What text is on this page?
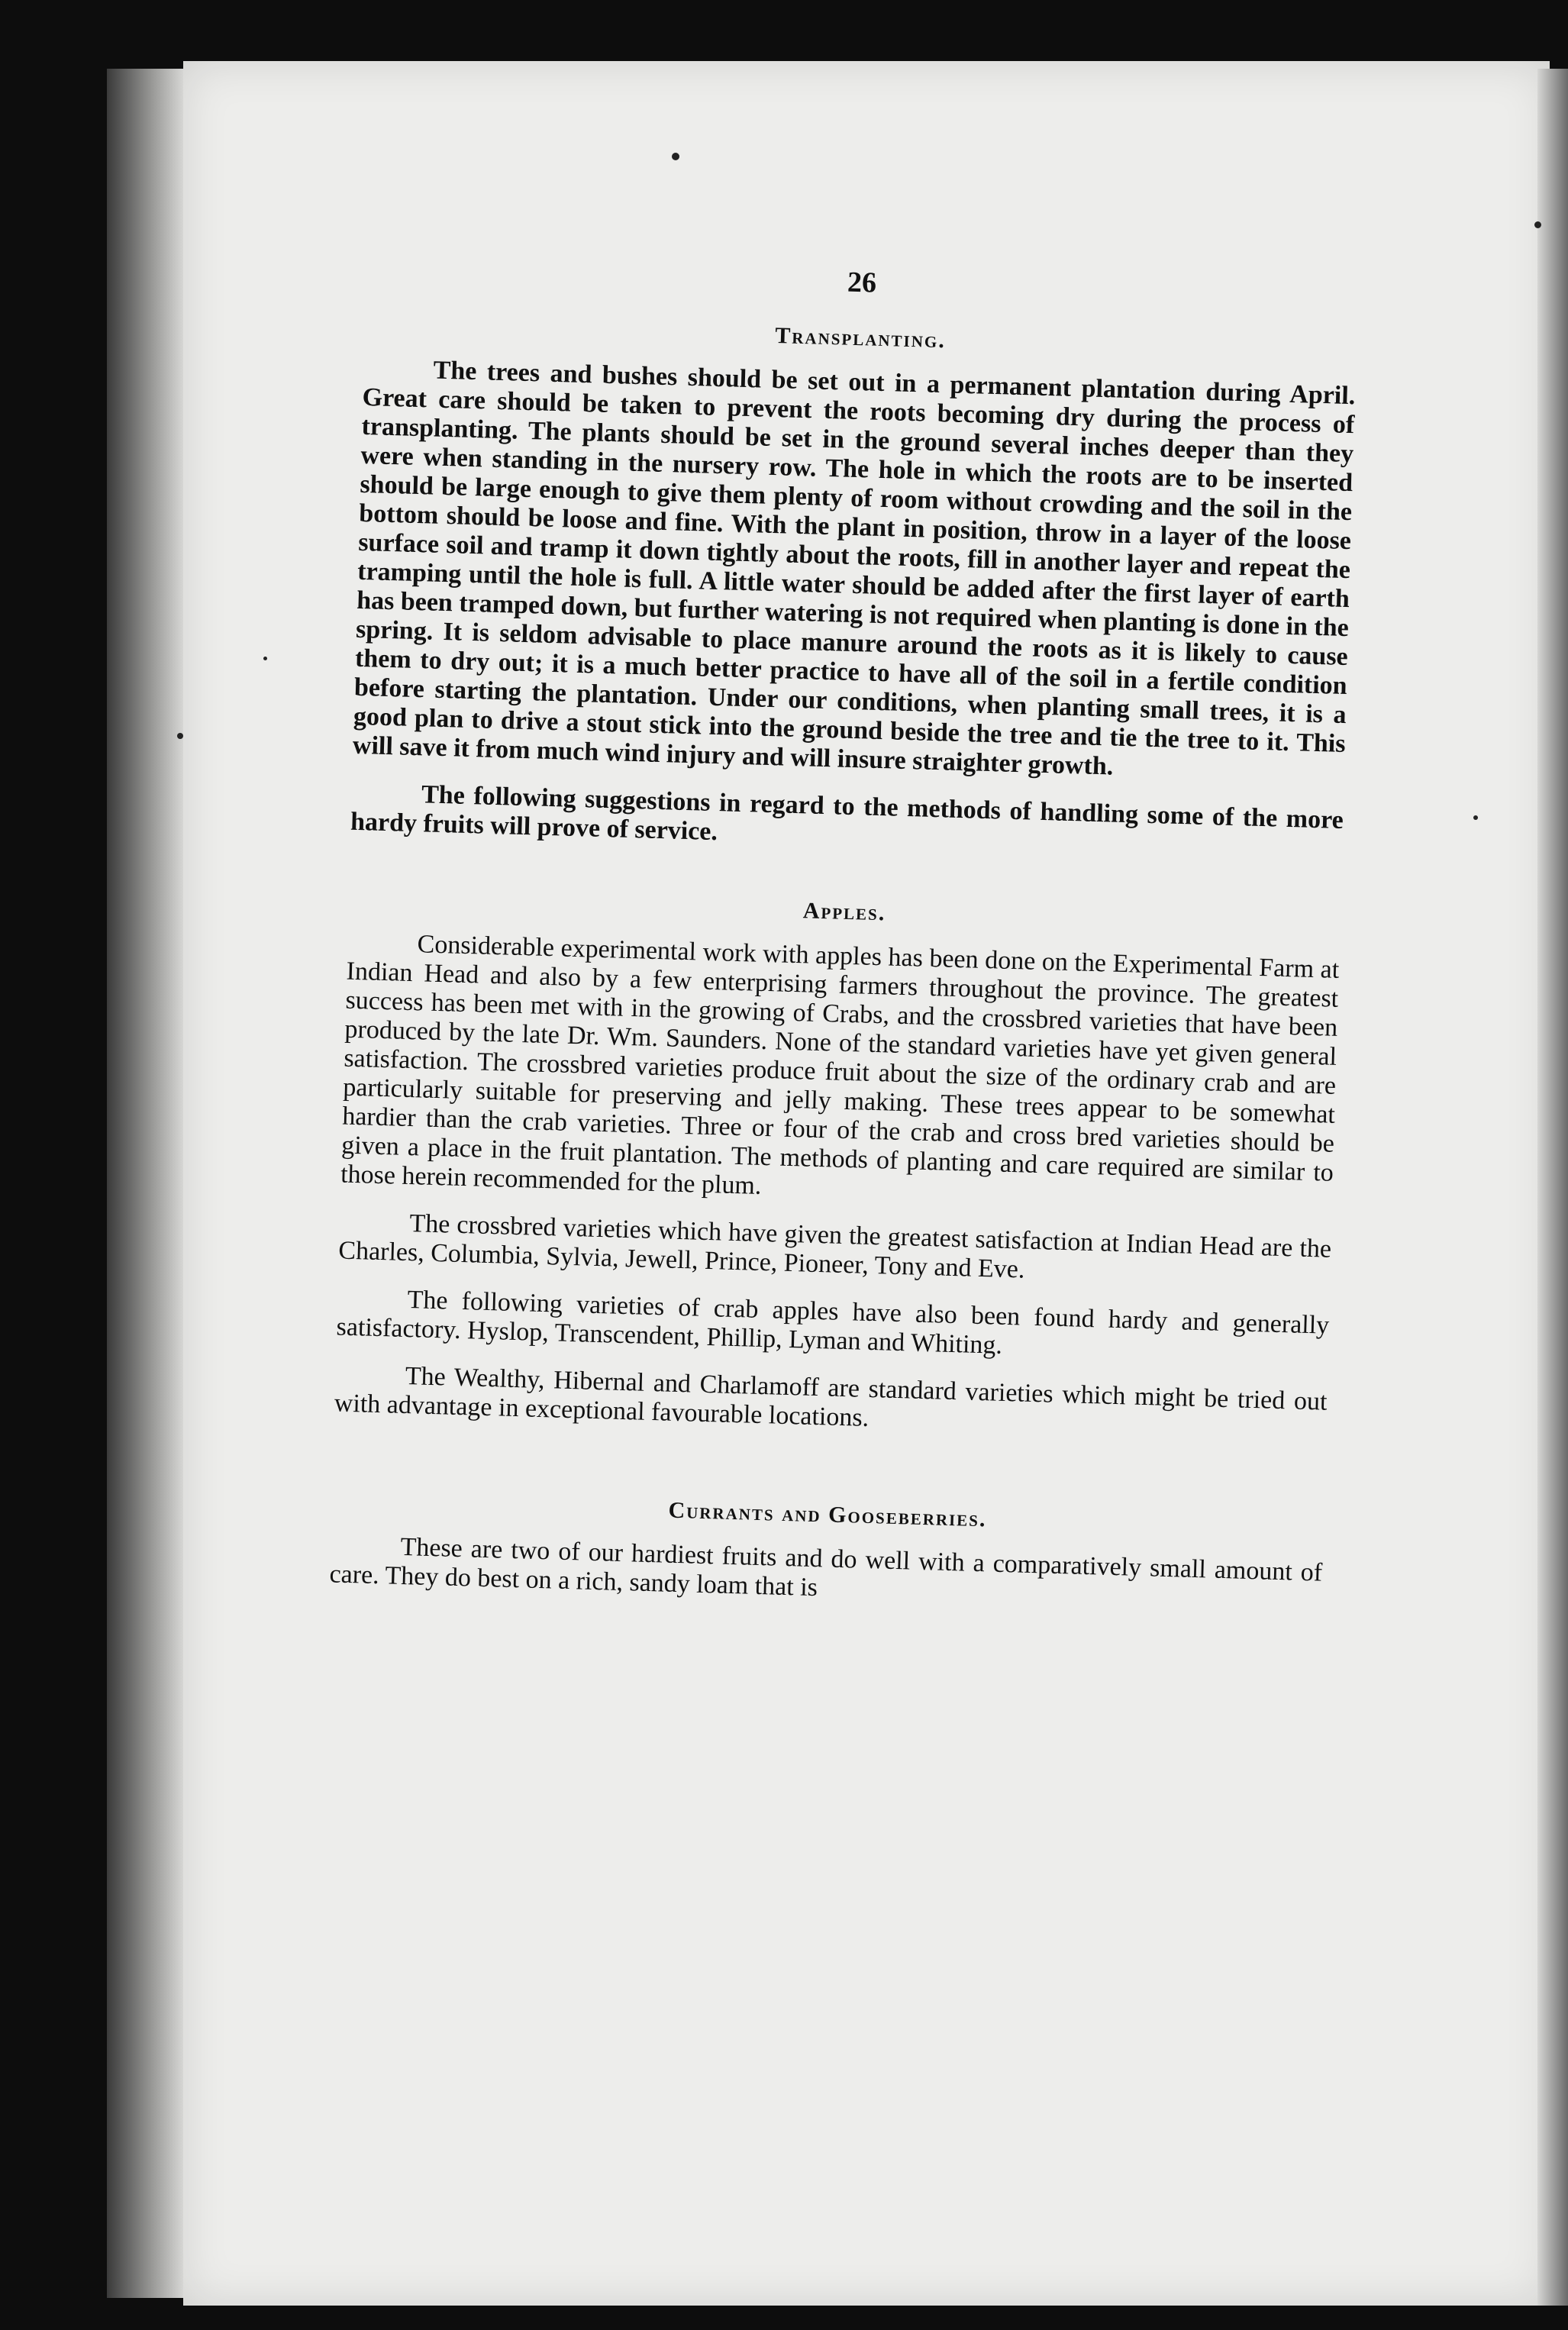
26
Transplanting.

The trees and bushes should be set out in a permanent plantation during April. Great care should be taken to prevent the roots becoming dry during the process of transplanting. The plants should be set in the ground several inches deeper than they were when standing in the nursery row. The hole in which the roots are to be inserted should be large enough to give them plenty of room without crowding and the soil in the bottom should be loose and fine. With the plant in position, throw in a layer of the loose surface soil and tramp it down tightly about the roots, fill in another layer and repeat the tramping until the hole is full. A little water should be added after the first layer of earth has been tramped down, but further watering is not required when planting is done in the spring. It is seldom advisable to place manure around the roots as it is likely to cause them to dry out; it is a much better practice to have all of the soil in a fertile condition before starting the plantation. Under our conditions, when planting small trees, it is a good plan to drive a stout stick into the ground beside the tree and tie the tree to it. This will save it from much wind injury and will insure straighter growth.

The following suggestions in regard to the methods of handling some of the more hardy fruits will prove of service.

Apples.

Considerable experimental work with apples has been done on the Experimental Farm at Indian Head and also by a few enterprising farmers throughout the province. The greatest success has been met with in the growing of Crabs, and the crossbred varieties that have been produced by the late Dr. Wm. Saunders. None of the standard varieties have yet given general satisfaction. The crossbred varieties produce fruit about the size of the ordinary crab and are particularly suitable for preserving and jelly making. These trees appear to be somewhat hardier than the crab varieties. Three or four of the crab and cross bred varieties should be given a place in the fruit plantation. The methods of planting and care required are similar to those herein recommended for the plum.

The crossbred varieties which have given the greatest satisfaction at Indian Head are the Charles, Columbia, Sylvia, Jewell, Prince, Pioneer, Tony and Eve.

The following varieties of crab apples have also been found hardy and generally satisfactory. Hyslop, Transcendent, Phillip, Lyman and Whiting.

The Wealthy, Hibernal and Charlamoff are standard varieties which might be tried out with advantage in exceptional favourable locations.

Currants and Gooseberries.

These are two of our hardiest fruits and do well with a comparatively small amount of care. They do best on a rich, sandy loam that is
